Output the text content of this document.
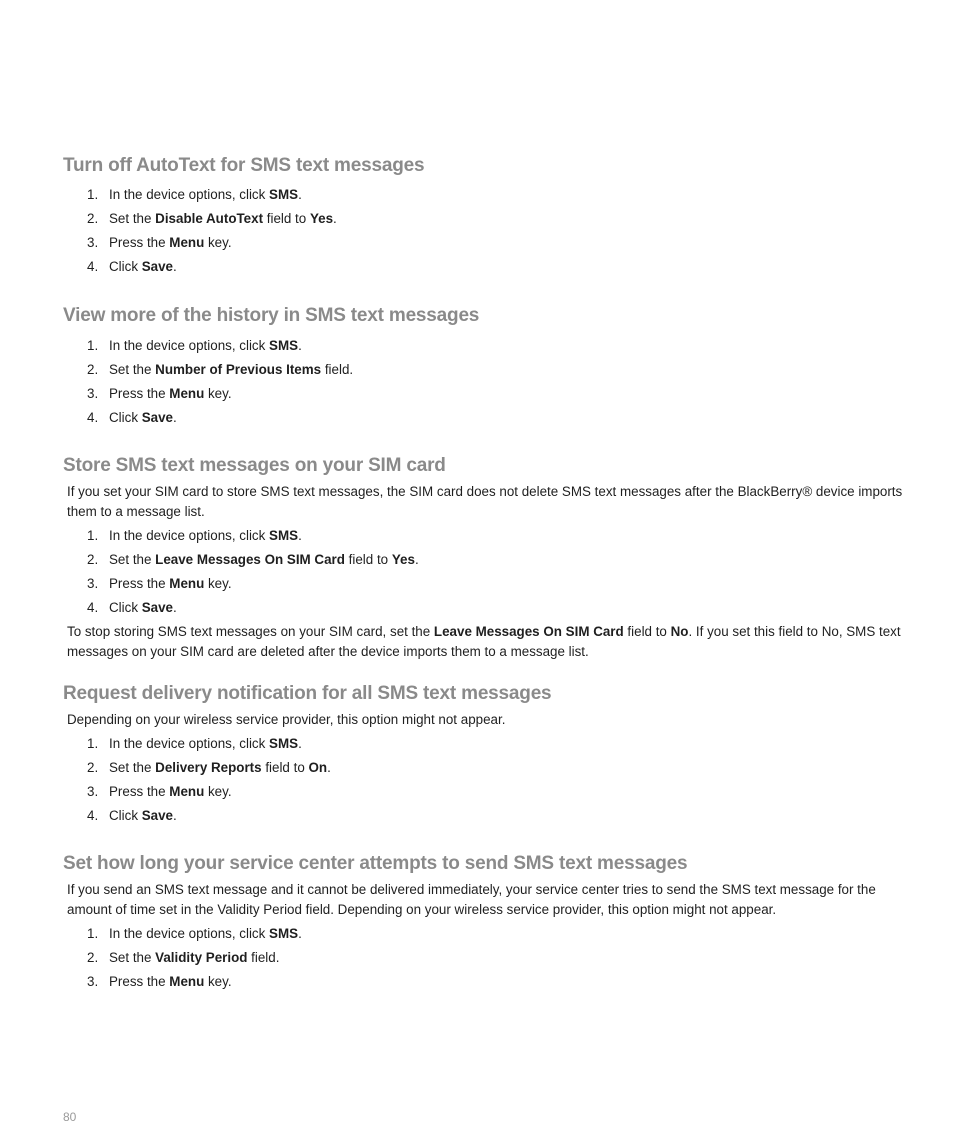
Turn off AutoText for SMS text messages
1. In the device options, click SMS.
2. Set the Disable AutoText field to Yes.
3. Press the Menu key.
4. Click Save.
View more of the history in SMS text messages
1. In the device options, click SMS.
2. Set the Number of Previous Items field.
3. Press the Menu key.
4. Click Save.
Store SMS text messages on your SIM card

If you set your SIM card to store SMS text messages, the SIM card does not delete SMS text messages after the BlackBerry® device imports them to a message list.

1. In the device options, click SMS.
2. Set the Leave Messages On SIM Card field to Yes.
3. Press the Menu key.
4. Click Save.

To stop storing SMS text messages on your SIM card, set the Leave Messages On SIM Card field to No. If you set this field to No, SMS text messages on your SIM card are deleted after the device imports them to a message list.

Request delivery notification for all SMS text messages

Depending on your wireless service provider, this option might not appear.

1. In the device options, click SMS.
2. Set the Delivery Reports field to On.
3. Press the Menu key.
4. Click Save.
Set how long your service center attempts to send SMS text messages

If you send an SMS text message and it cannot be delivered immediately, your service center tries to send the SMS text message for the amount of time set in the Validity Period field. Depending on your wireless service provider, this option might not appear.

1. In the device options, click SMS.
2. Set the Validity Period field.
3. Press the Menu key.
80
